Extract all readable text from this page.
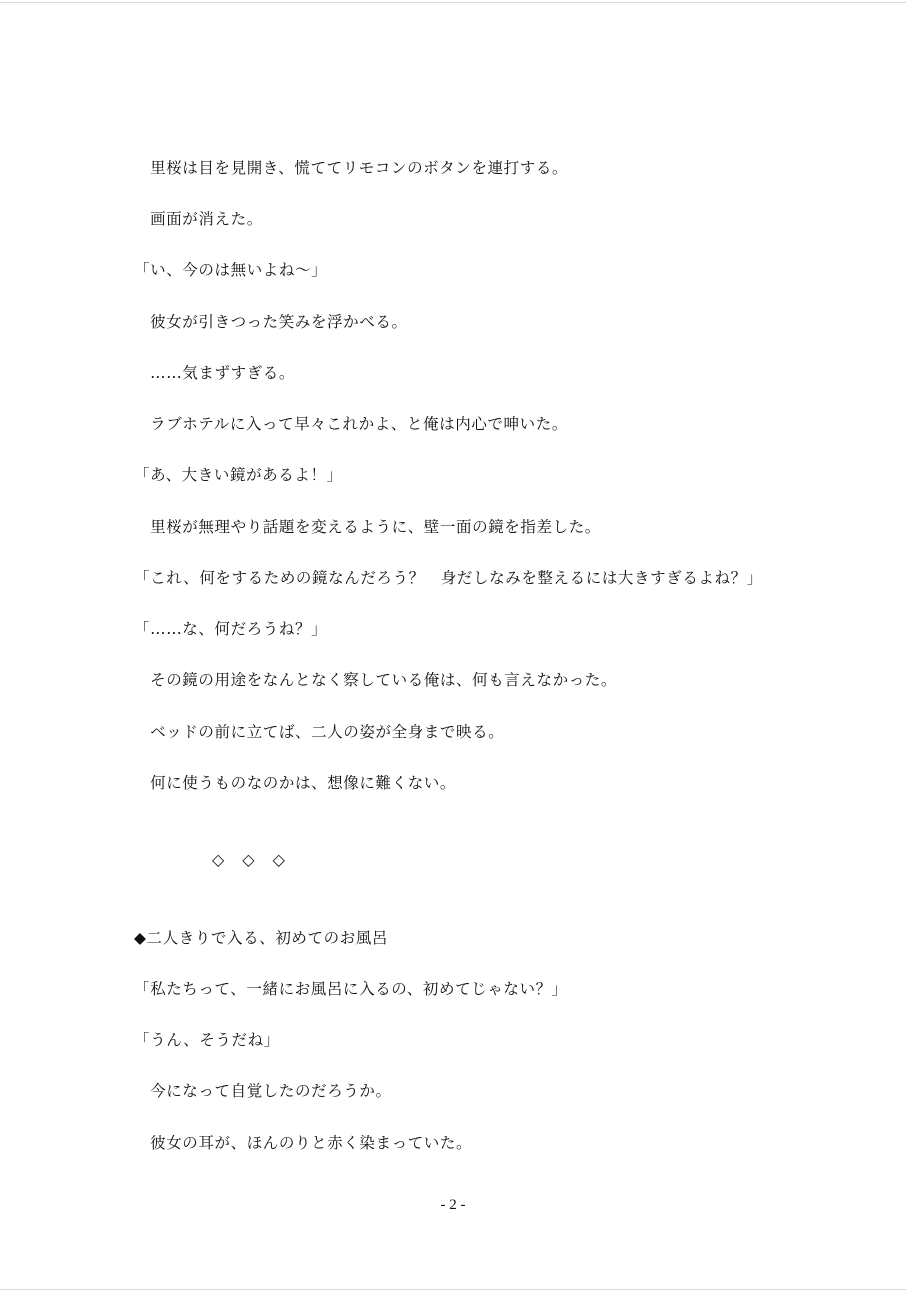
　里桜は目を見開き、慌ててリモコンのボタンを連打する。
　画面が消えた。
「い、今のは無いよね〜」
　彼女が引きつった笑みを浮かべる。
　……気まずすぎる。
　ラブホテルに入って早々これかよ、と俺は内心で呻いた。
「あ、大きい鏡があるよ！」
　里桜が無理やり話題を変えるように、壁一面の鏡を指差した。
「これ、何をするための鏡なんだろう？　身だしなみを整えるには大きすぎるよね？」
「……な、何だろうね？」
　その鏡の用途をなんとなく察している俺は、何も言えなかった。
　ベッドの前に立てば、二人の姿が全身まで映る。
　何に使うものなのかは、想像に難くない。
◇　◇　◇
◆二人きりで入る、初めてのお風呂
「私たちって、一緒にお風呂に入るの、初めてじゃない？」
「うん、そうだね」
　今になって自覚したのだろうか。
　彼女の耳が、ほんのりと赤く染まっていた。
- 2 -
